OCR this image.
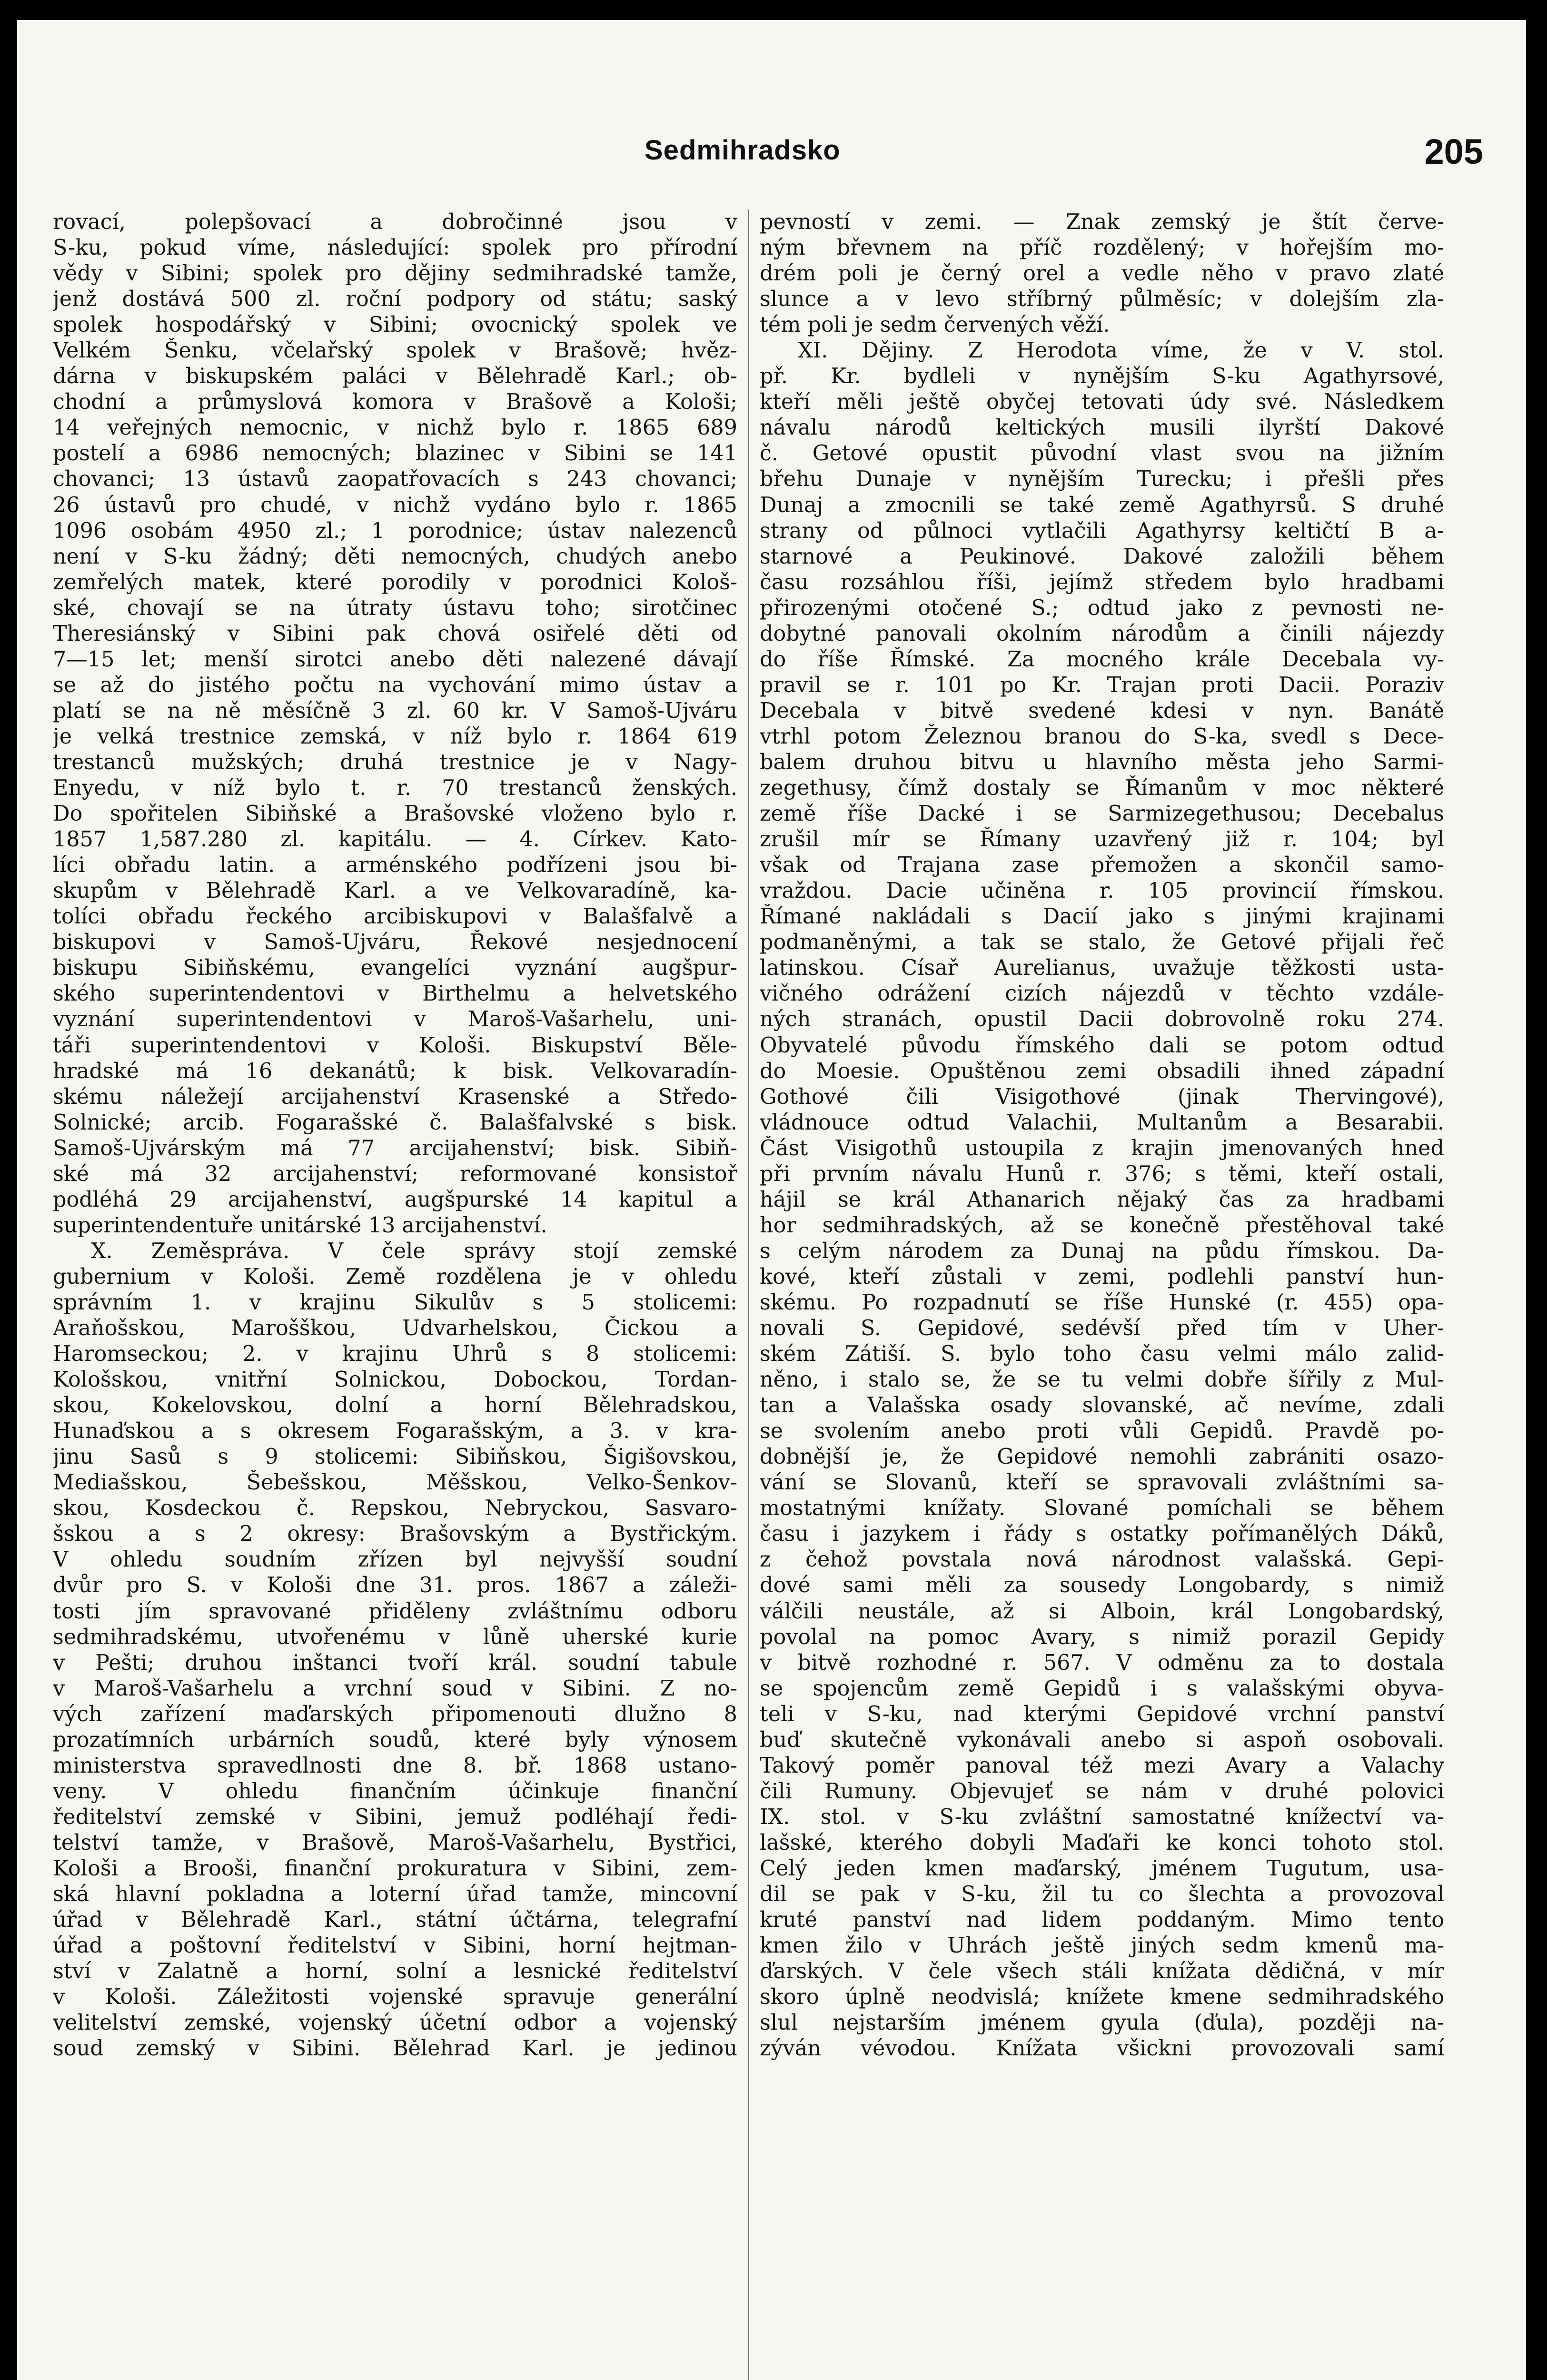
Sedmihradsko	205
rovací, polepšovací a dobročinné jsou v
S-ku, pokud víme, následující: spolek pro přírodní
vědy v Sibini; spolek pro dějiny sedmihradské tamže,
jenž dostává 500 zl. roční podpory od státu; saský
spolek hospodářský v Sibini; ovocnický spolek ve
Velkém Šenku, včelařský spolek v Brašově; hvěz-
dárna v biskupském paláci v Bělehradě Karl.; ob-
chodní a průmyslová komora v Brašově a Kološi;
14 veřejných nemocnic, v nichž bylo r. 1865 689
postelí a 6986 nemocných; blazinec v Sibini se 141
chovanci; 13 ústavů zaopatřovacích s 243 chovanci;
26 ústavů pro chudé, v nichž vydáno bylo r. 1865
1096 osobám 4950 zl.; 1 porodnice; ústav nalezenců
není v S-ku žádný; děti nemocných, chudých anebo
zemřelých matek, které porodily v porodnici Kološ-
ské, chovají se na útraty ústavu toho; sirotčinec
Theresiánský v Sibini pak chová osiřelé děti od
7—15 let; menší sirotci anebo děti nalezené dávají
se až do jistého počtu na vychování mimo ústav a
platí se na ně měsíčně 3 zl. 60 kr. V Samoš-Ujváru
je velká trestnice zemská, v níž bylo r. 1864 619
trestanců mužských; druhá trestnice je v Nagy-
Enyedu, v níž bylo t. r. 70 trestanců ženských.
Do spořitelen Sibiňské a Brašovské vloženo bylo r.
1857 1,587.280 zl. kapitálu. — 4. Církev. Kato-
líci obřadu latin. a arménského podřízeni jsou bi-
skupům v Bělehradě Karl. a ve Velkovaradíně, ka-
tolíci obřadu řeckého arcibiskupovi v Balašfalvě a
biskupovi v Samoš-Ujváru, Řekové nesjednocení
biskupu Sibiňskému, evangelíci vyznání augšpur-
ského superintendentovi v Birthelmu a helvetského
vyznání superintendentovi v Maroš-Vašarhelu, uni-
táři superintendentovi v Kološi. Biskupství Běle-
hradské má 16 dekanátů; k bisk. Velkovaradín-
skému náležejí arcijahenství Krasenské a Středo-
Solnické; arcib. Fogarašské č. Balašfalvské s bisk.
Samoš-Ujvárským má 77 arcijahenství; bisk. Sibiň-
ské má 32 arcijahenství; reformované konsistoř
podléhá 29 arcijahenství, augšpurské 14 kapitul a
superintendentuře unitárské 13 arcijahenství.
X. Zeměspráva. V čele správy stojí zemské
gubernium v Kološi. Země rozdělena je v ohledu
správním 1. v krajinu Sikulův s 5 stolicemi:
Araňošskou, Marošškou, Udvarhelskou, Čickou a
Haromseckou; 2. v krajinu Uhrů s 8 stolicemi:
Kološskou, vnitřní Solnickou, Dobockou, Tordan-
skou, Kokelovskou, dolní a horní Bělehradskou,
Hunaďskou a s okresem Fogarašským, a 3. v kra-
jinu Sasů s 9 stolicemi: Sibiňskou, Šigišovskou,
Mediašskou, Šebešskou, Měšskou, Velko-Šenkov-
skou, Kosdeckou č. Repskou, Nebryckou, Sasvaro-
šskou a s 2 okresy: Brašovským a Bystřickým.
V ohledu soudním zřízen byl nejvyšší soudní
dvůr pro S. v Kološi dne 31. pros. 1867 a záleži-
tosti jím spravované přiděleny zvláštnímu odboru
sedmihradskému, utvořenému v lůně uherské kurie
v Pešti; druhou inštanci tvoří král. soudní tabule
v Maroš-Vašarhelu a vrchní soud v Sibini. Z no-
vých zařízení maďarských připomenouti dlužno 8
prozatímních urbárních soudů, které byly výnosem
ministerstva spravedlnosti dne 8. bř. 1868 ustano-
veny. V ohledu finančním účinkuje finanční
ředitelství zemské v Sibini, jemuž podléhají ředi-
telství tamže, v Brašově, Maroš-Vašarhelu, Bystřici,
Kološi a Brooši, finanční prokuratura v Sibini, zem-
ská hlavní pokladna a loterní úřad tamže, mincovní
úřad v Bělehradě Karl., státní účtárna, telegrafní
úřad a poštovní ředitelství v Sibini, horní hejtman-
ství v Zalatně a horní, solní a lesnické ředitelství
v Kološi. Záležitosti vojenské spravuje generální
velitelství zemské, vojenský účetní odbor a vojenský
soud zemský v Sibini. Bělehrad Karl. je jedinou
pevností v zemi. — Znak zemský je štít červe-
ným břevnem na příč rozdělený; v hořejším mo-
drém poli je černý orel a vedle něho v pravo zlaté
slunce a v levo stříbrný půlměsíc; v dolejším zla-
tém poli je sedm červených věží.
XI. Dějiny. Z Herodota víme, že v V. stol.
př. Kr. bydleli v nynějším S-ku Agathyrsové,
kteří měli ještě obyčej tetovati údy své. Následkem
návalu národů keltických musili ilyrští Dakové
č. Getové opustit původní vlast svou na jižním
břehu Dunaje v nynějším Turecku; i přešli přes
Dunaj a zmocnili se také země Agathyrsů. S druhé
strany od půlnoci vytlačili Agathyrsy keltičtí B a-
starnové a Peukinové. Dakové založili během
času rozsáhlou říši, jejímž středem bylo hradbami
přirozenými otočené S.; odtud jako z pevnosti ne-
dobytné panovali okolním národům a činili nájezdy
do říše Římské. Za mocného krále Decebala vy-
pravil se r. 101 po Kr. Trajan proti Dacii. Poraziv
Decebala v bitvě svedené kdesi v nyn. Banátě
vtrhl potom Železnou branou do S-ka, svedl s Dece-
balem druhou bitvu u hlavního města jeho Sarmi-
zegethusy, čímž dostaly se Římanům v moc některé
země říše Dacké i se Sarmizegethusou; Decebalus
zrušil mír se Římany uzavřený již r. 104; byl
však od Trajana zase přemožen a skončil samo-
vraždou. Dacie učiněna r. 105 provincií římskou.
Římané nakládali s Dacií jako s jinými krajinami
podmaněnými, a tak se stalo, že Getové přijali řeč
latinskou. Císař Aurelianus, uvažuje těžkosti usta-
vičného odrážení cizích nájezdů v těchto vzdále-
ných stranách, opustil Dacii dobrovolně roku 274.
Obyvatelé původu římského dali se potom odtud
do Moesie. Opuštěnou zemi obsadili ihned západní
Gothové čili Visigothové (jinak Thervingové),
vládnouce odtud Valachii, Multanům a Besarabii.
Část Visigothů ustoupila z krajin jmenovaných hned
při prvním návalu Hunů r. 376; s těmi, kteří ostali,
hájil se král Athanarich nějaký čas za hradbami
hor sedmihradských, až se konečně přestěhoval také
s celým národem za Dunaj na půdu římskou. Da-
kové, kteří zůstali v zemi, podlehli panství hun-
skému. Po rozpadnutí se říše Hunské (r. 455) opa-
novali S. Gepidové, sedévší před tím v Uher-
ském Zátiší. S. bylo toho času velmi málo zalid-
něno, i stalo se, že se tu velmi dobře šířily z Mul-
tan a Valašska osady slovanské, ač nevíme, zdali
se svolením anebo proti vůli Gepidů. Pravdě po-
dobnější je, že Gepidové nemohli zabrániti osazo-
vání se Slovanů, kteří se spravovali zvláštními sa-
mostatnými knížaty. Slované pomíchali se během
času i jazykem i řády s ostatky pořímanělých Dáků,
z čehož povstala nová národnost valašská. Gepi-
dové sami měli za sousedy Longobardy, s nimiž
válčili neustále, až si Alboin, král Longobardský,
povolal na pomoc Avary, s nimiž porazil Gepidy
v bitvě rozhodné r. 567. V odměnu za to dostala
se spojencům země Gepidů i s valašskými obyva-
teli v S-ku, nad kterými Gepidové vrchní panství
buď skutečně vykonávali anebo si aspoň osobovali.
Takový poměr panoval též mezi Avary a Valachy
čili Rumuny. Objevujeť se nám v druhé polovici
IX. stol. v S-ku zvláštní samostatné knížectví va-
lašské, kterého dobyli Maďaři ke konci tohoto stol.
Celý jeden kmen maďarský, jménem Tugutum, usa-
dil se pak v S-ku, žil tu co šlechta a provozoval
kruté panství nad lidem poddaným. Mimo tento
kmen žilo v Uhrách ještě jiných sedm kmenů ma-
ďarských. V čele všech stáli knížata dědičná, v mír
skoro úplně neodvislá; knížete kmene sedmihradského
slul nejstarším jménem gyula (ďula), později na-
zýván vévodou. Knížata všickni provozovali samí
